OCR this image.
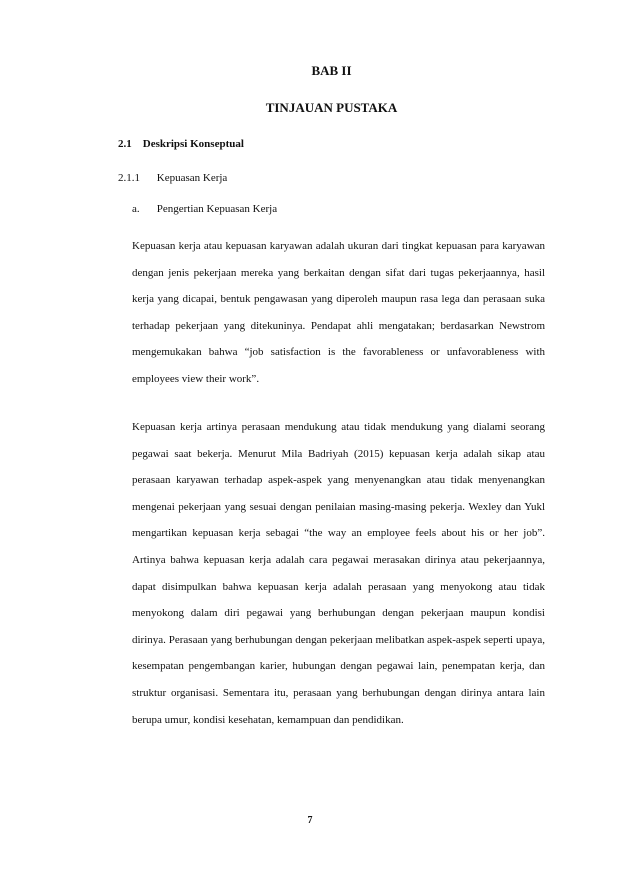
BAB II
TINJAUAN PUSTAKA
2.1 Deskripsi Konseptual
2.1.1 Kepuasan Kerja
a. Pengertian Kepuasan Kerja

Kepuasan kerja atau kepuasan karyawan adalah ukuran dari tingkat kepuasan para karyawan dengan jenis pekerjaan mereka yang berkaitan dengan sifat dari tugas pekerjaannya, hasil kerja yang dicapai, bentuk pengawasan yang diperoleh maupun rasa lega dan perasaan suka terhadap pekerjaan yang ditekuninya. Pendapat ahli mengatakan; berdasarkan Newstrom mengemukakan bahwa “job satisfaction is the favorableness or unfavorableness with employees view their work”.

Kepuasan kerja artinya perasaan mendukung atau tidak mendukung yang dialami seorang pegawai saat bekerja. Menurut Mila Badriyah (2015) kepuasan kerja adalah sikap atau perasaan karyawan terhadap aspek-aspek yang menyenangkan atau tidak menyenangkan mengenai pekerjaan yang sesuai dengan penilaian masing-masing pekerja. Wexley dan Yukl mengartikan kepuasan kerja sebagai “the way an employee feels about his or her job”. Artinya bahwa kepuasan kerja adalah cara pegawai merasakan dirinya atau pekerjaannya, dapat disimpulkan bahwa kepuasan kerja adalah perasaan yang menyokong atau tidak menyokong dalam diri pegawai yang berhubungan dengan pekerjaan maupun kondisi dirinya. Perasaan yang berhubungan dengan pekerjaan melibatkan aspek-aspek seperti upaya, kesempatan pengembangan karier, hubungan dengan pegawai lain, penempatan kerja, dan struktur organisasi. Sementara itu, perasaan yang berhubungan dengan dirinya antara lain berupa umur, kondisi kesehatan, kemampuan dan pendidikan.

7
